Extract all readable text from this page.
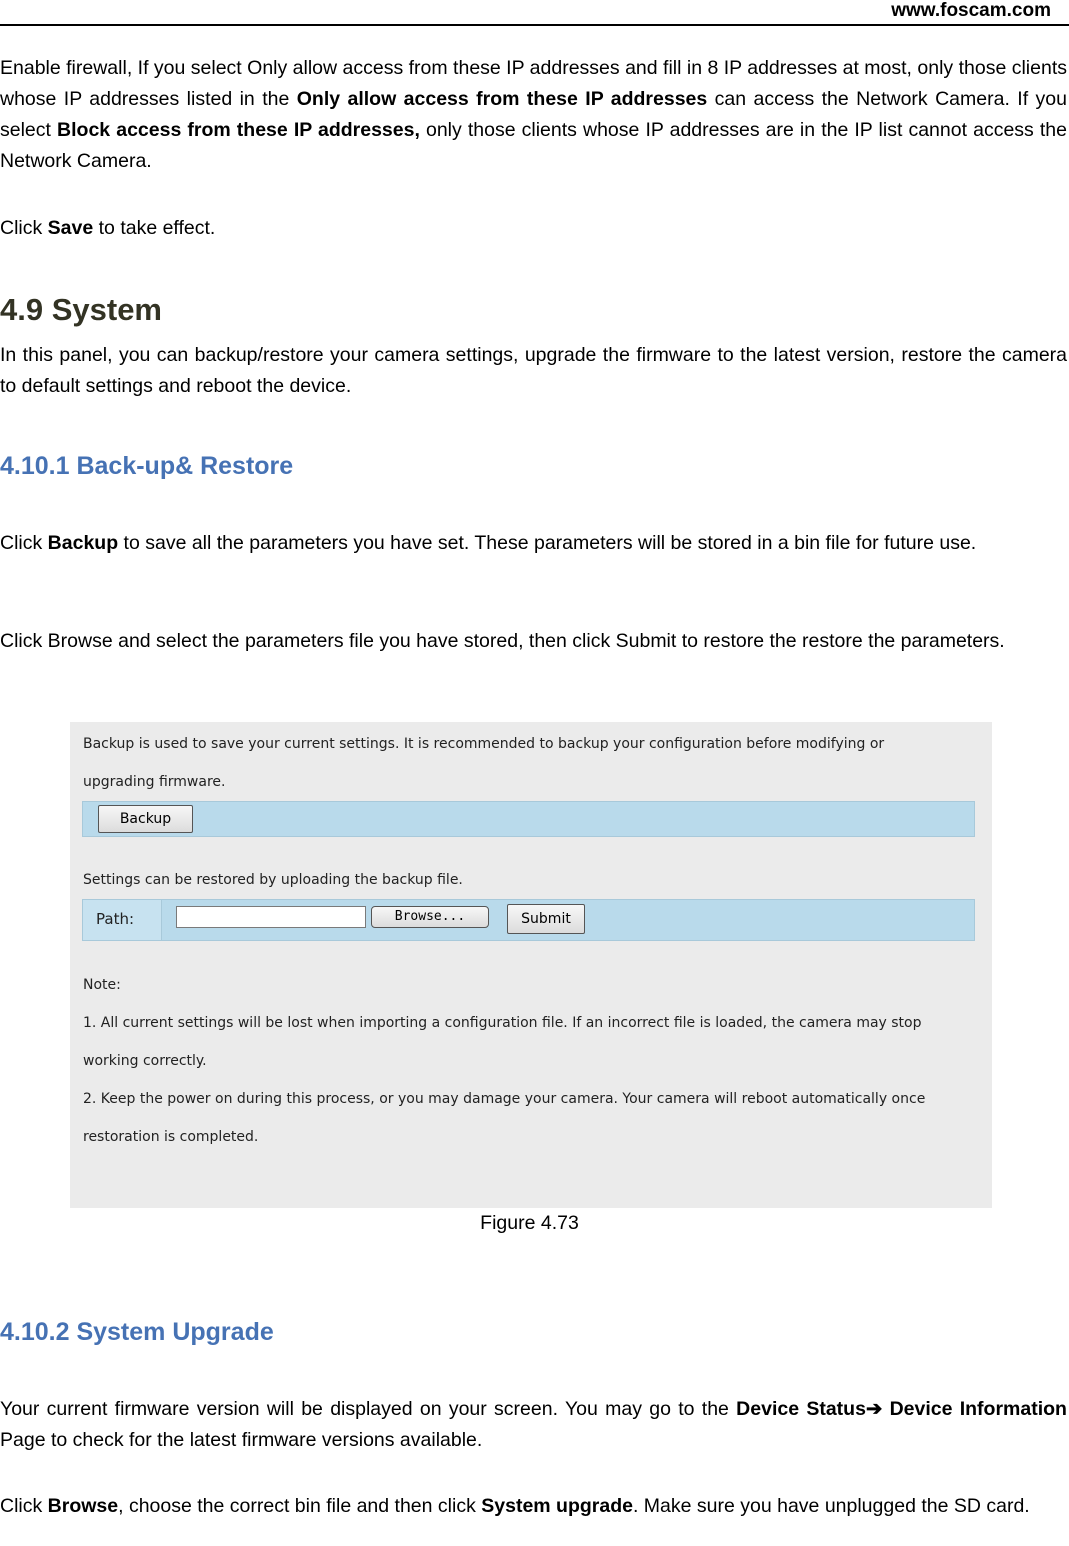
www.foscam.com

Enable firewall, If you select Only allow access from these IP addresses and fill in 8 IP addresses at most, only those clients whose IP addresses listed in the Only allow access from these IP addresses can access the Network Camera. If you select Block access from these IP addresses, only those clients whose IP addresses are in the IP list cannot access the Network Camera.

Click Save to take effect.

4.9 System

In this panel, you can backup/restore your camera settings, upgrade the firmware to the latest version, restore the camera to default settings and reboot the device.

4.10.1 Back-up& Restore

Click Backup to save all the parameters you have set. These parameters will be stored in a bin file for future use.

Click Browse and select the parameters file you have stored, then click Submit to restore the restore the parameters.

Backup is used to save your current settings. It is recommended to backup your configuration before modifying or

upgrading firmware.

Backup

Settings can be restored by uploading the backup file.

Path:	Browse...	Submit

Note:

1. All current settings will be lost when importing a configuration file. If an incorrect file is loaded, the camera may stop

working correctly.

2. Keep the power on during this process, or you may damage your camera. Your camera will reboot automatically once

restoration is completed.

Figure 4.73
4.10.2 System Upgrade

Your current firmware version will be displayed on your screen. You may go to the Device Status➔ Device Information Page to check for the latest firmware versions available.

Click Browse, choose the correct bin file and then click System upgrade. Make sure you have unplugged the SD card.
